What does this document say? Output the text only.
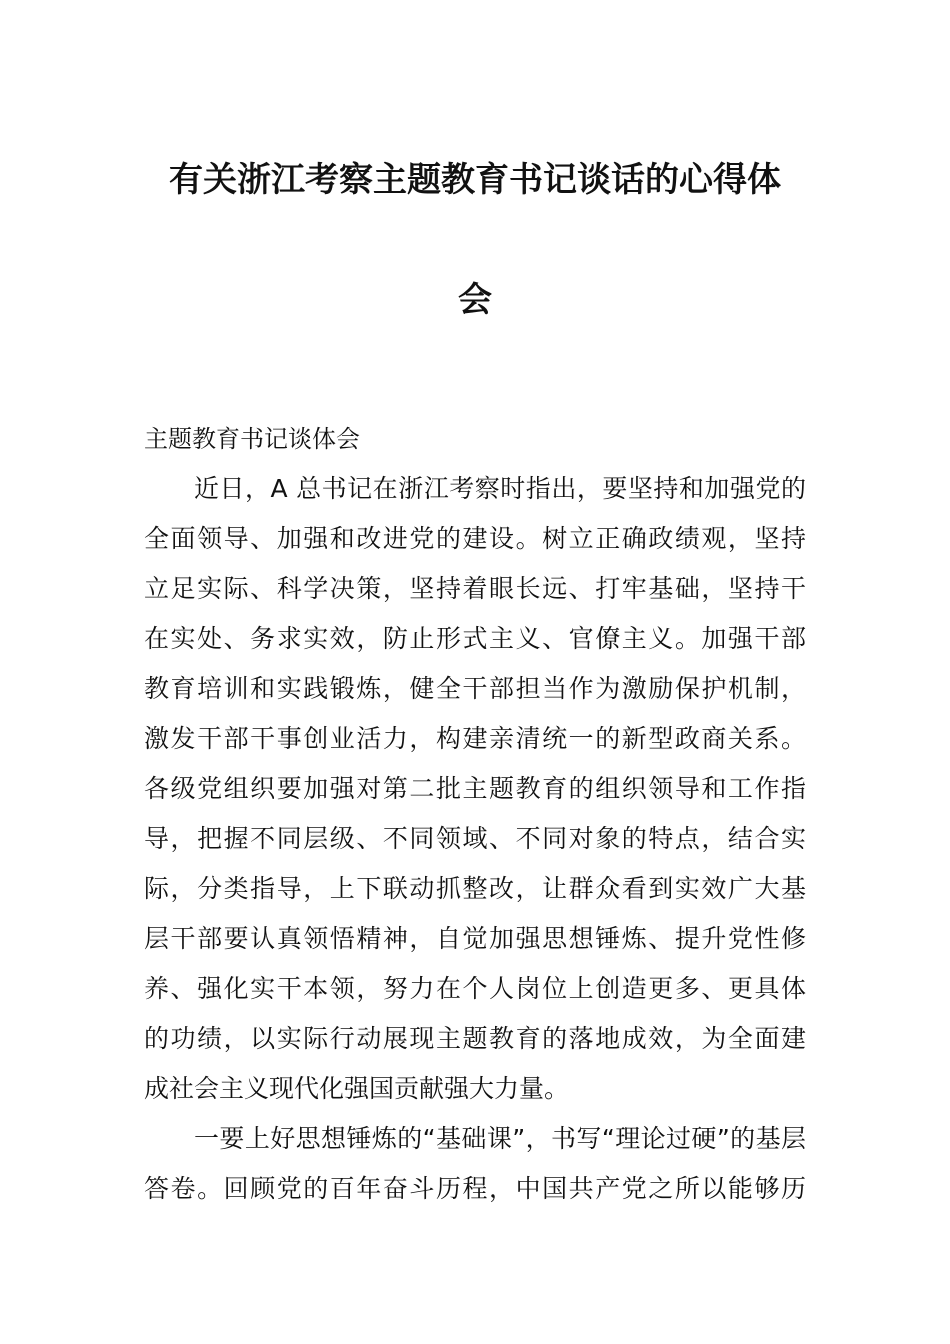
有关浙江考察主题教育书记谈话的心得体
会
主题教育书记谈体会
近日，A 总书记在浙江考察时指出，要坚持和加强党的
全面领导、加强和改进党的建设。树立正确政绩观，坚持
立足实际、科学决策，坚持着眼长远、打牢基础，坚持干
在实处、务求实效，防止形式主义、官僚主义。加强干部
教育培训和实践锻炼，健全干部担当作为激励保护机制，
激发干部干事创业活力，构建亲清统一的新型政商关系。
各级党组织要加强对第二批主题教育的组织领导和工作指
导，把握不同层级、不同领域、不同对象的特点，结合实
际，分类指导，上下联动抓整改，让群众看到实效广大基
层干部要认真领悟精神，自觉加强思想锤炼、提升党性修
养、强化实干本领，努力在个人岗位上创造更多、更具体
的功绩，以实际行动展现主题教育的落地成效，为全面建
成社会主义现代化强国贡献强大力量。
一要上好思想锤炼的“基础课”，书写“理论过硬”的基层
答卷。回顾党的百年奋斗历程，中国共产党之所以能够历
